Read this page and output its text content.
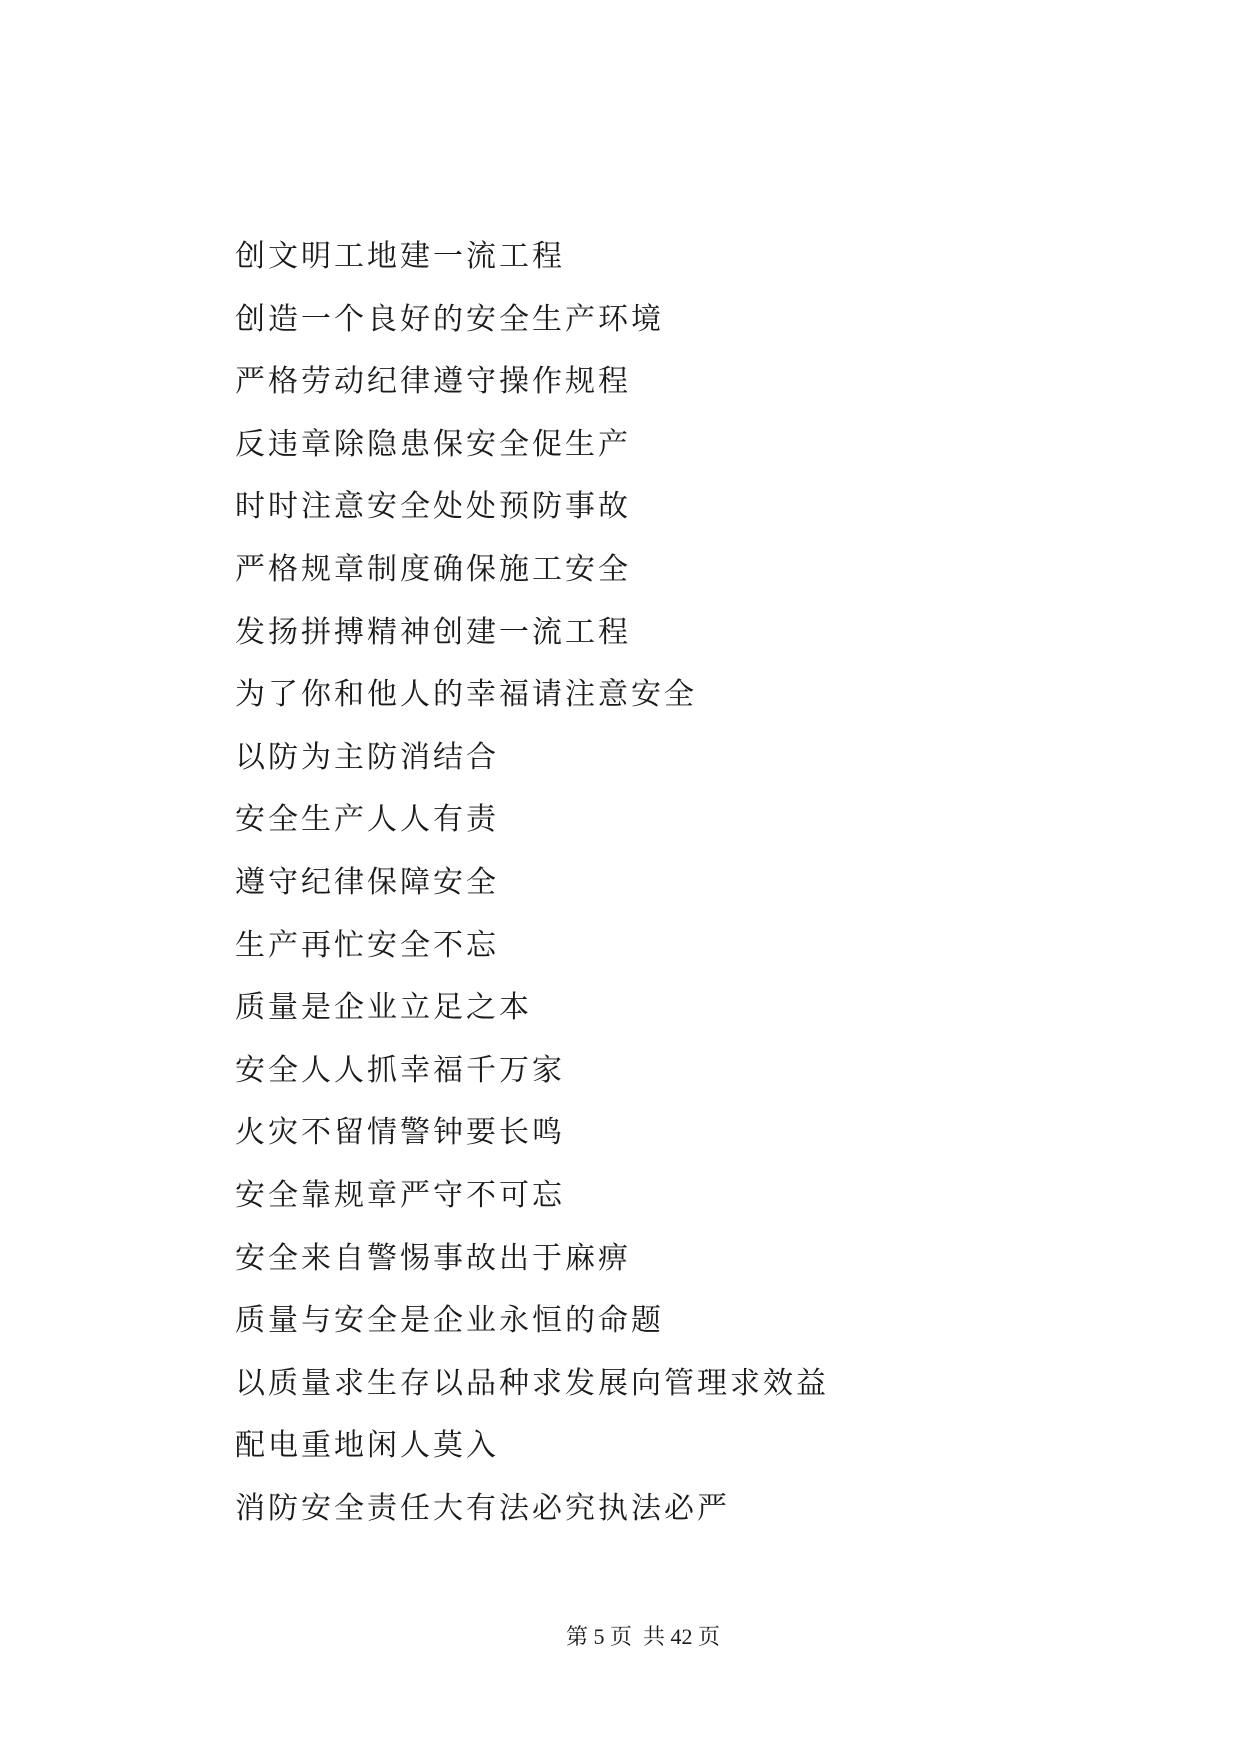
创文明工地建一流工程
创造一个良好的安全生产环境
严格劳动纪律遵守操作规程
反违章除隐患保安全促生产
时时注意安全处处预防事故
严格规章制度确保施工安全
发扬拼搏精神创建一流工程
为了你和他人的幸福请注意安全
以防为主防消结合
安全生产人人有责
遵守纪律保障安全
生产再忙安全不忘
质量是企业立足之本
安全人人抓幸福千万家
火灾不留情警钟要长鸣
安全靠规章严守不可忘
安全来自警惕事故出于麻痹
质量与安全是企业永恒的命题
以质量求生存以品种求发展向管理求效益
配电重地闲人莫入
消防安全责任大有法必究执法必严
第 5 页  共 42 页
